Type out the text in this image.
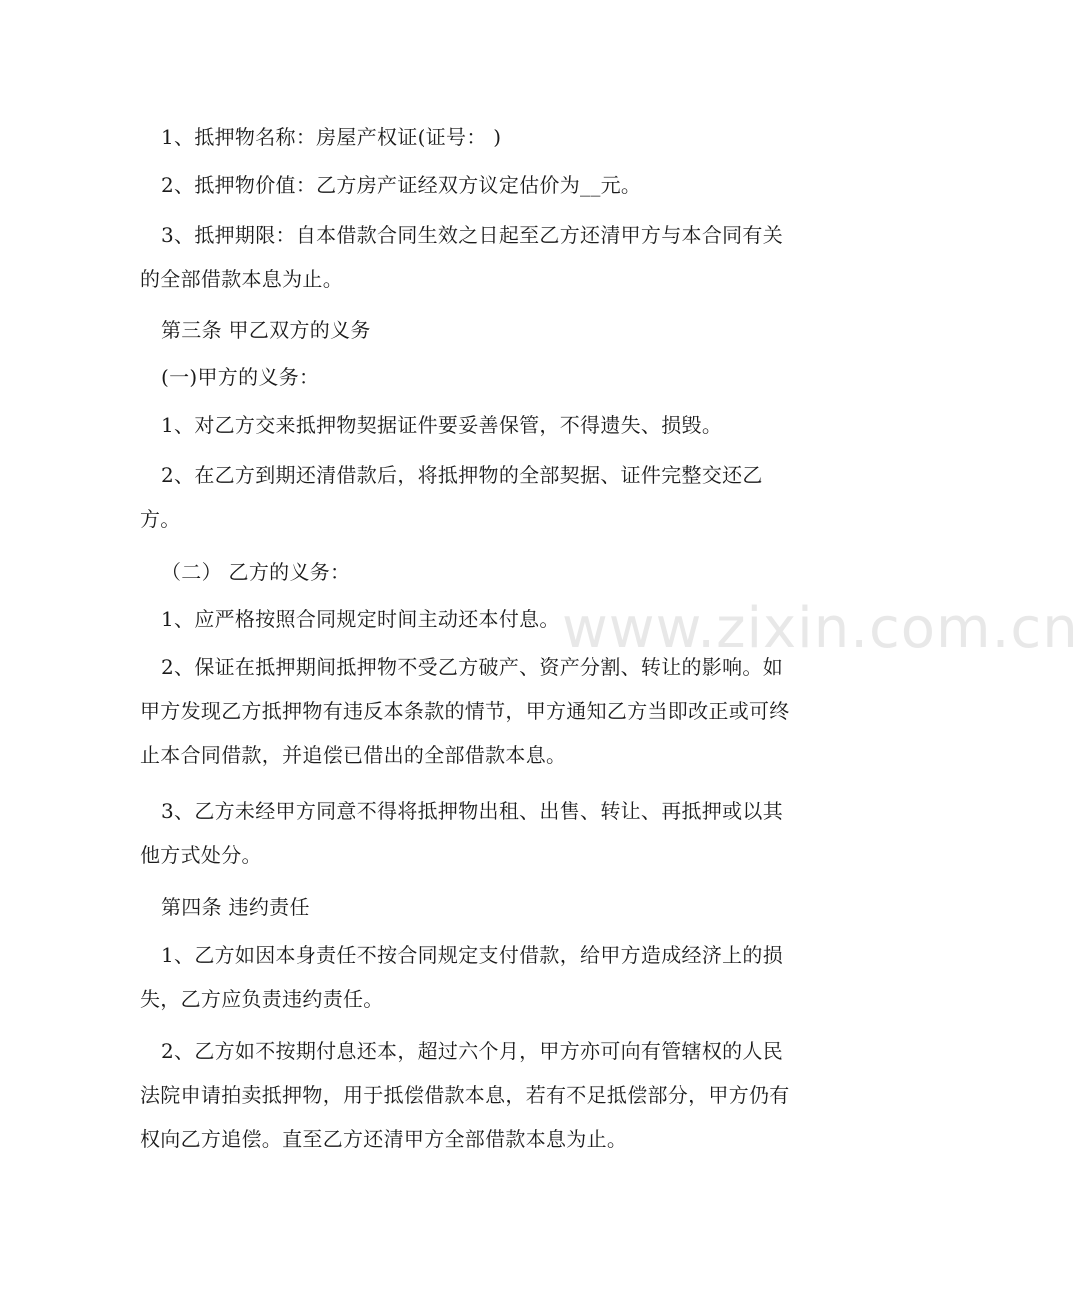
www.zixin.com.cn

1、抵押物名称：房屋产权证(证号： )

2、抵押物价值：乙方房产证经双方议定估价为__元。

3、抵押期限：自本借款合同生效之日起至乙方还清甲方与本合同有关的全部借款本息为止。

第三条 甲乙双方的义务

(一)甲方的义务：

1、对乙方交来抵押物契据证件要妥善保管，不得遗失、损毁。

2、在乙方到期还清借款后，将抵押物的全部契据、证件完整交还乙方。

（二） 乙方的义务：

1、应严格按照合同规定时间主动还本付息。

2、保证在抵押期间抵押物不受乙方破产、资产分割、转让的影响。如甲方发现乙方抵押物有违反本条款的情节，甲方通知乙方当即改正或可终止本合同借款，并追偿已借出的全部借款本息。

3、乙方未经甲方同意不得将抵押物出租、出售、转让、再抵押或以其他方式处分。

第四条 违约责任

1、乙方如因本身责任不按合同规定支付借款，给甲方造成经济上的损失，乙方应负责违约责任。

2、乙方如不按期付息还本，超过六个月，甲方亦可向有管辖权的人民法院申请拍卖抵押物，用于抵偿借款本息，若有不足抵偿部分，甲方仍有权向乙方追偿。直至乙方还清甲方全部借款本息为止。
